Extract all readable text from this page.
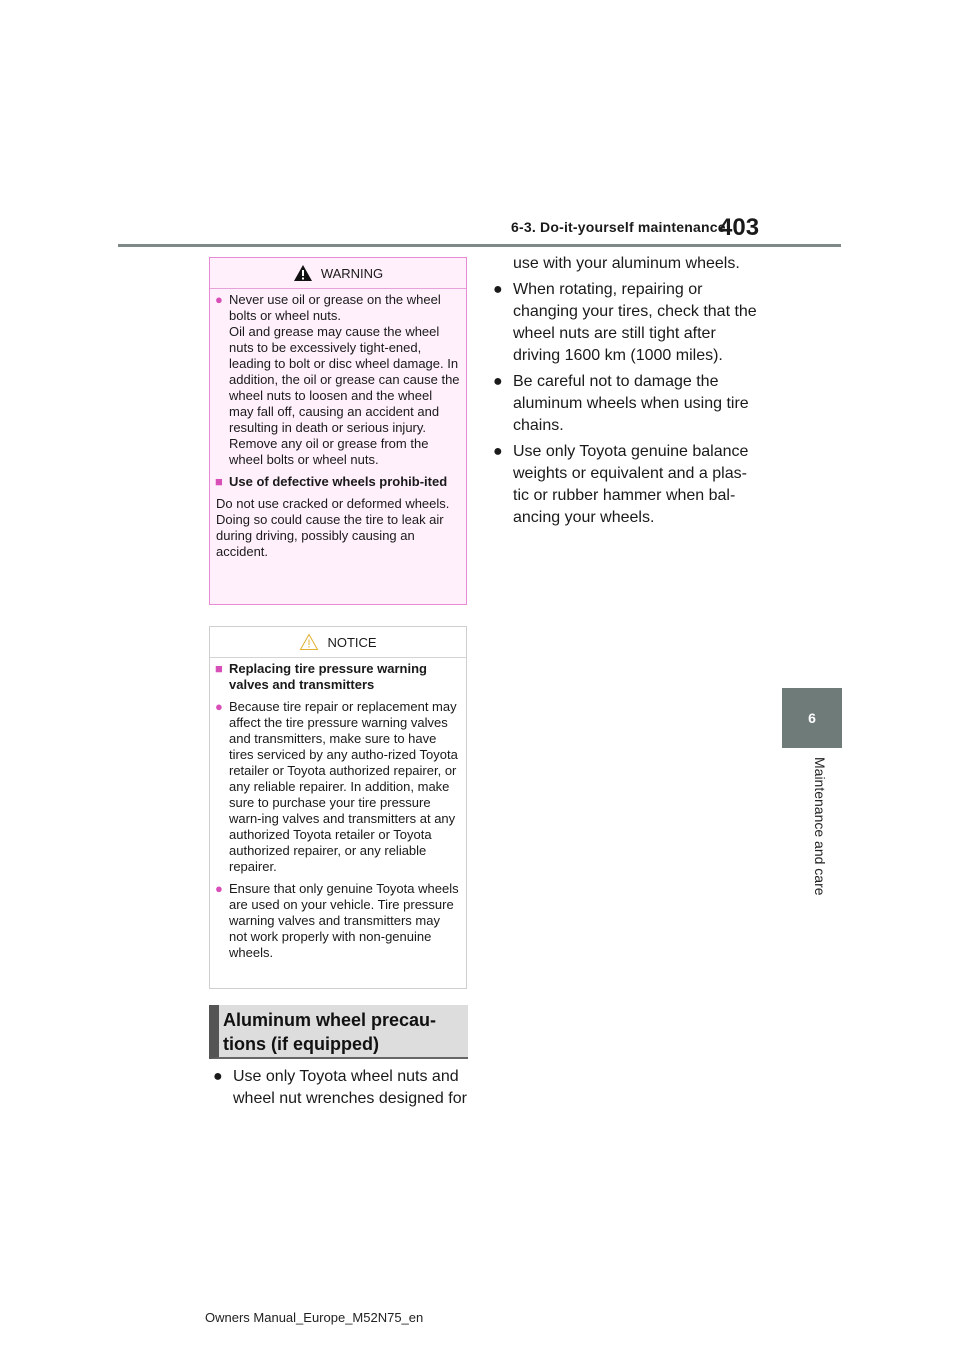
6-3. Do-it-yourself maintenance
403
6
Maintenance and care
WARNING
● Never use oil or grease on the wheel bolts or wheel nuts.
Oil and grease may cause the wheel nuts to be excessively tight-ened, leading to bolt or disc wheel damage. In addition, the oil or grease can cause the wheel nuts to loosen and the wheel may fall off, causing an accident and resulting in death or serious injury. Remove any oil or grease from the wheel bolts or wheel nuts.
■ Use of defective wheels prohib-ited
Do not use cracked or deformed wheels. Doing so could cause the tire to leak air during driving, possibly causing an accident.
NOTICE
■ Replacing tire pressure warning valves and transmitters
● Because tire repair or replacement may affect the tire pressure warning valves and transmitters, make sure to have tires serviced by any autho-rized Toyota retailer or Toyota authorized repairer, or any reliable repairer. In addition, make sure to purchase your tire pressure warn-ing valves and transmitters at any authorized Toyota retailer or Toyota authorized repairer, or any reliable repairer.
● Ensure that only genuine Toyota wheels are used on your vehicle. Tire pressure warning valves and transmitters may not work properly with non-genuine wheels.
Aluminum wheel precau-
tions (if equipped)
● Use only Toyota wheel nuts and wheel nut wrenches designed for
use with your aluminum wheels.
● When rotating, repairing or changing your tires, check that the wheel nuts are still tight after driving 1600 km (1000 miles).
● Be careful not to damage the aluminum wheels when using tire chains.
● Use only Toyota genuine balance weights or equivalent and a plas-tic or rubber hammer when bal-ancing your wheels.
Owners Manual_Europe_M52N75_en
